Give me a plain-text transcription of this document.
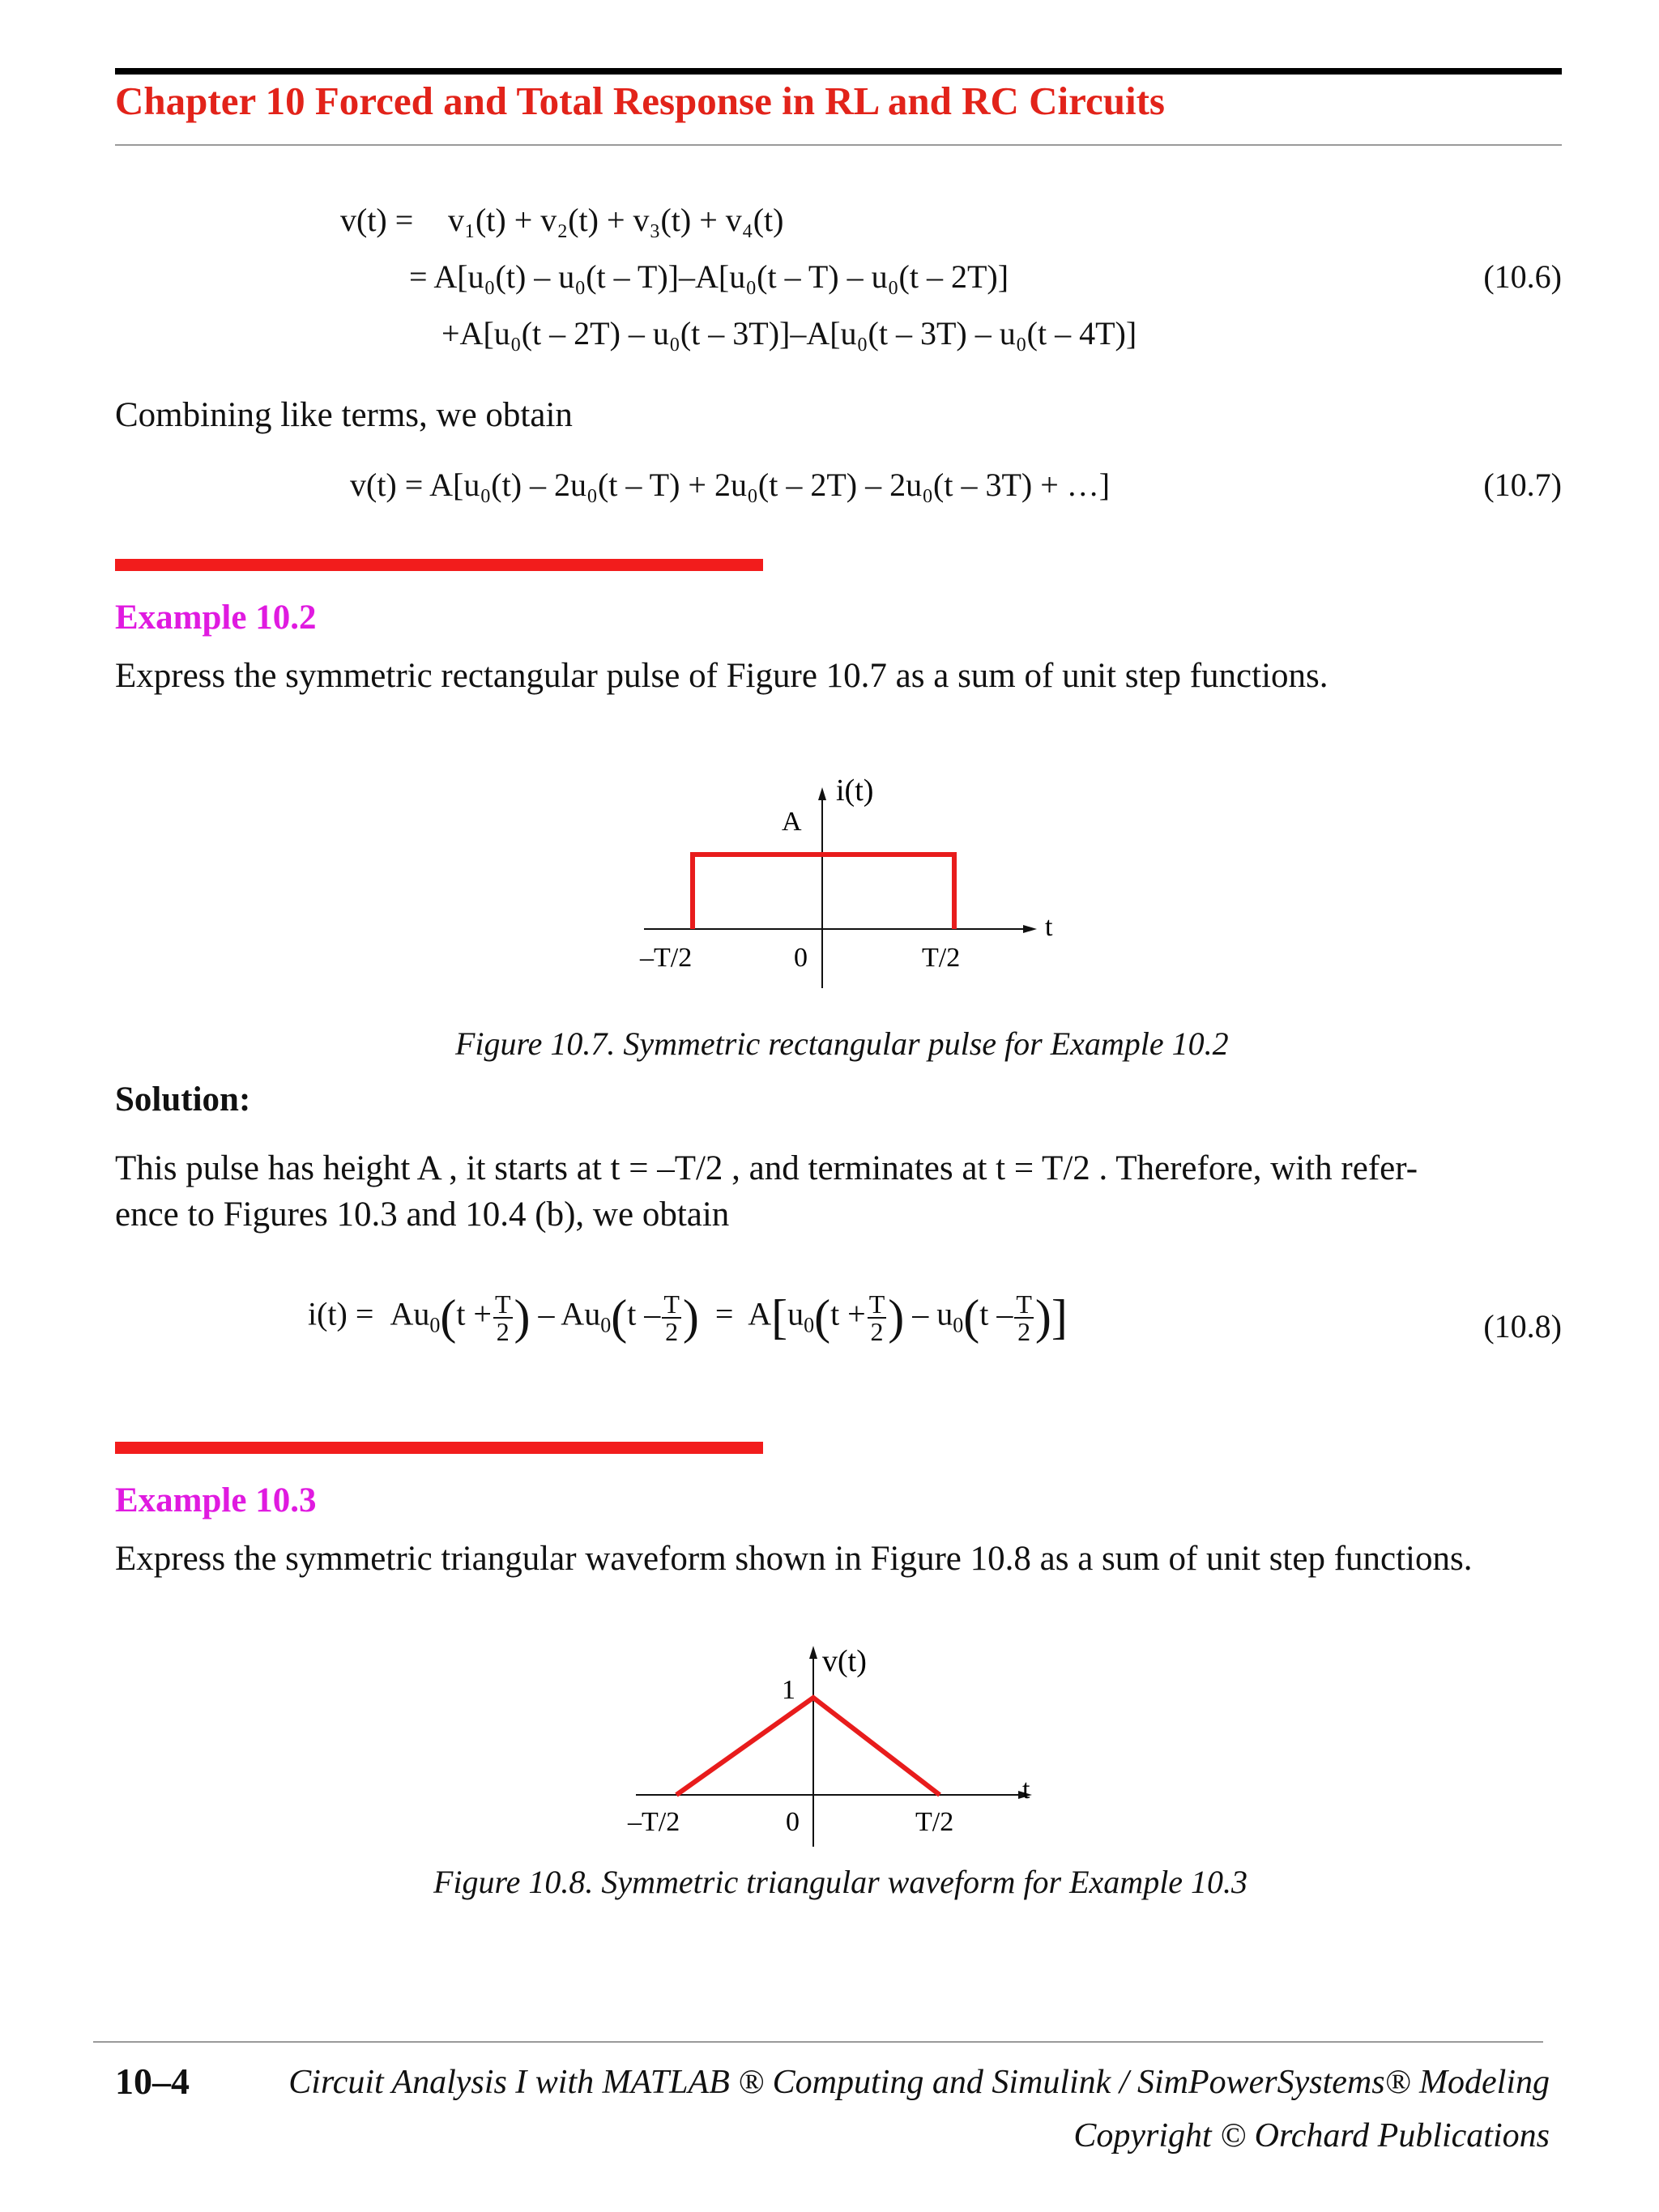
Chapter 10 Forced and Total Response in RL and RC Circuits
v(t) = v₁(t) + v₂(t) + v₃(t) + v₄(t)
= A[u₀(t) – u₀(t – T)]–A[u₀(t – T) – u₀(t – 2T)]	(10.6)
+A[u₀(t – 2T) – u₀(t – 3T)]–A[u₀(t – 3T) – u₀(t – 4T)]
Combining like terms, we obtain
v(t) = A[u₀(t) – 2u₀(t – T) + 2u₀(t – 2T) – 2u₀(t – 3T) + …]	(10.7)
Example 10.2
Express the symmetric rectangular pulse of Figure 10.7 as a sum of unit step functions.
i(t)
A
t
–T/2	0	T/2
Figure 10.7. Symmetric rectangular pulse for Example 10.2
Solution:
This pulse has height A , it starts at t = –T/2 , and terminates at t = T/2 . Therefore, with refer-
ence to Figures 10.3 and 10.4 (b), we obtain
$i(t) = Au_0(t + \frac{T}{2}$ ) – $Au_0(t - \frac{T}{2}$ )  =  $A[u_0(t + \frac{T}{2}$ ) – $u_0(t - \frac{T}{2}$ )]	(10.8)
Example 10.3
Express the symmetric triangular waveform shown in Figure 10.8 as a sum of unit step functions.
v(t)
1
t
–T/2	0	T/2
Figure 10.8. Symmetric triangular waveform for Example 10.3
10–4	Circuit Analysis I with MATLAB ® Computing and Simulink / SimPowerSystems® Modeling
Copyright © Orchard Publications
